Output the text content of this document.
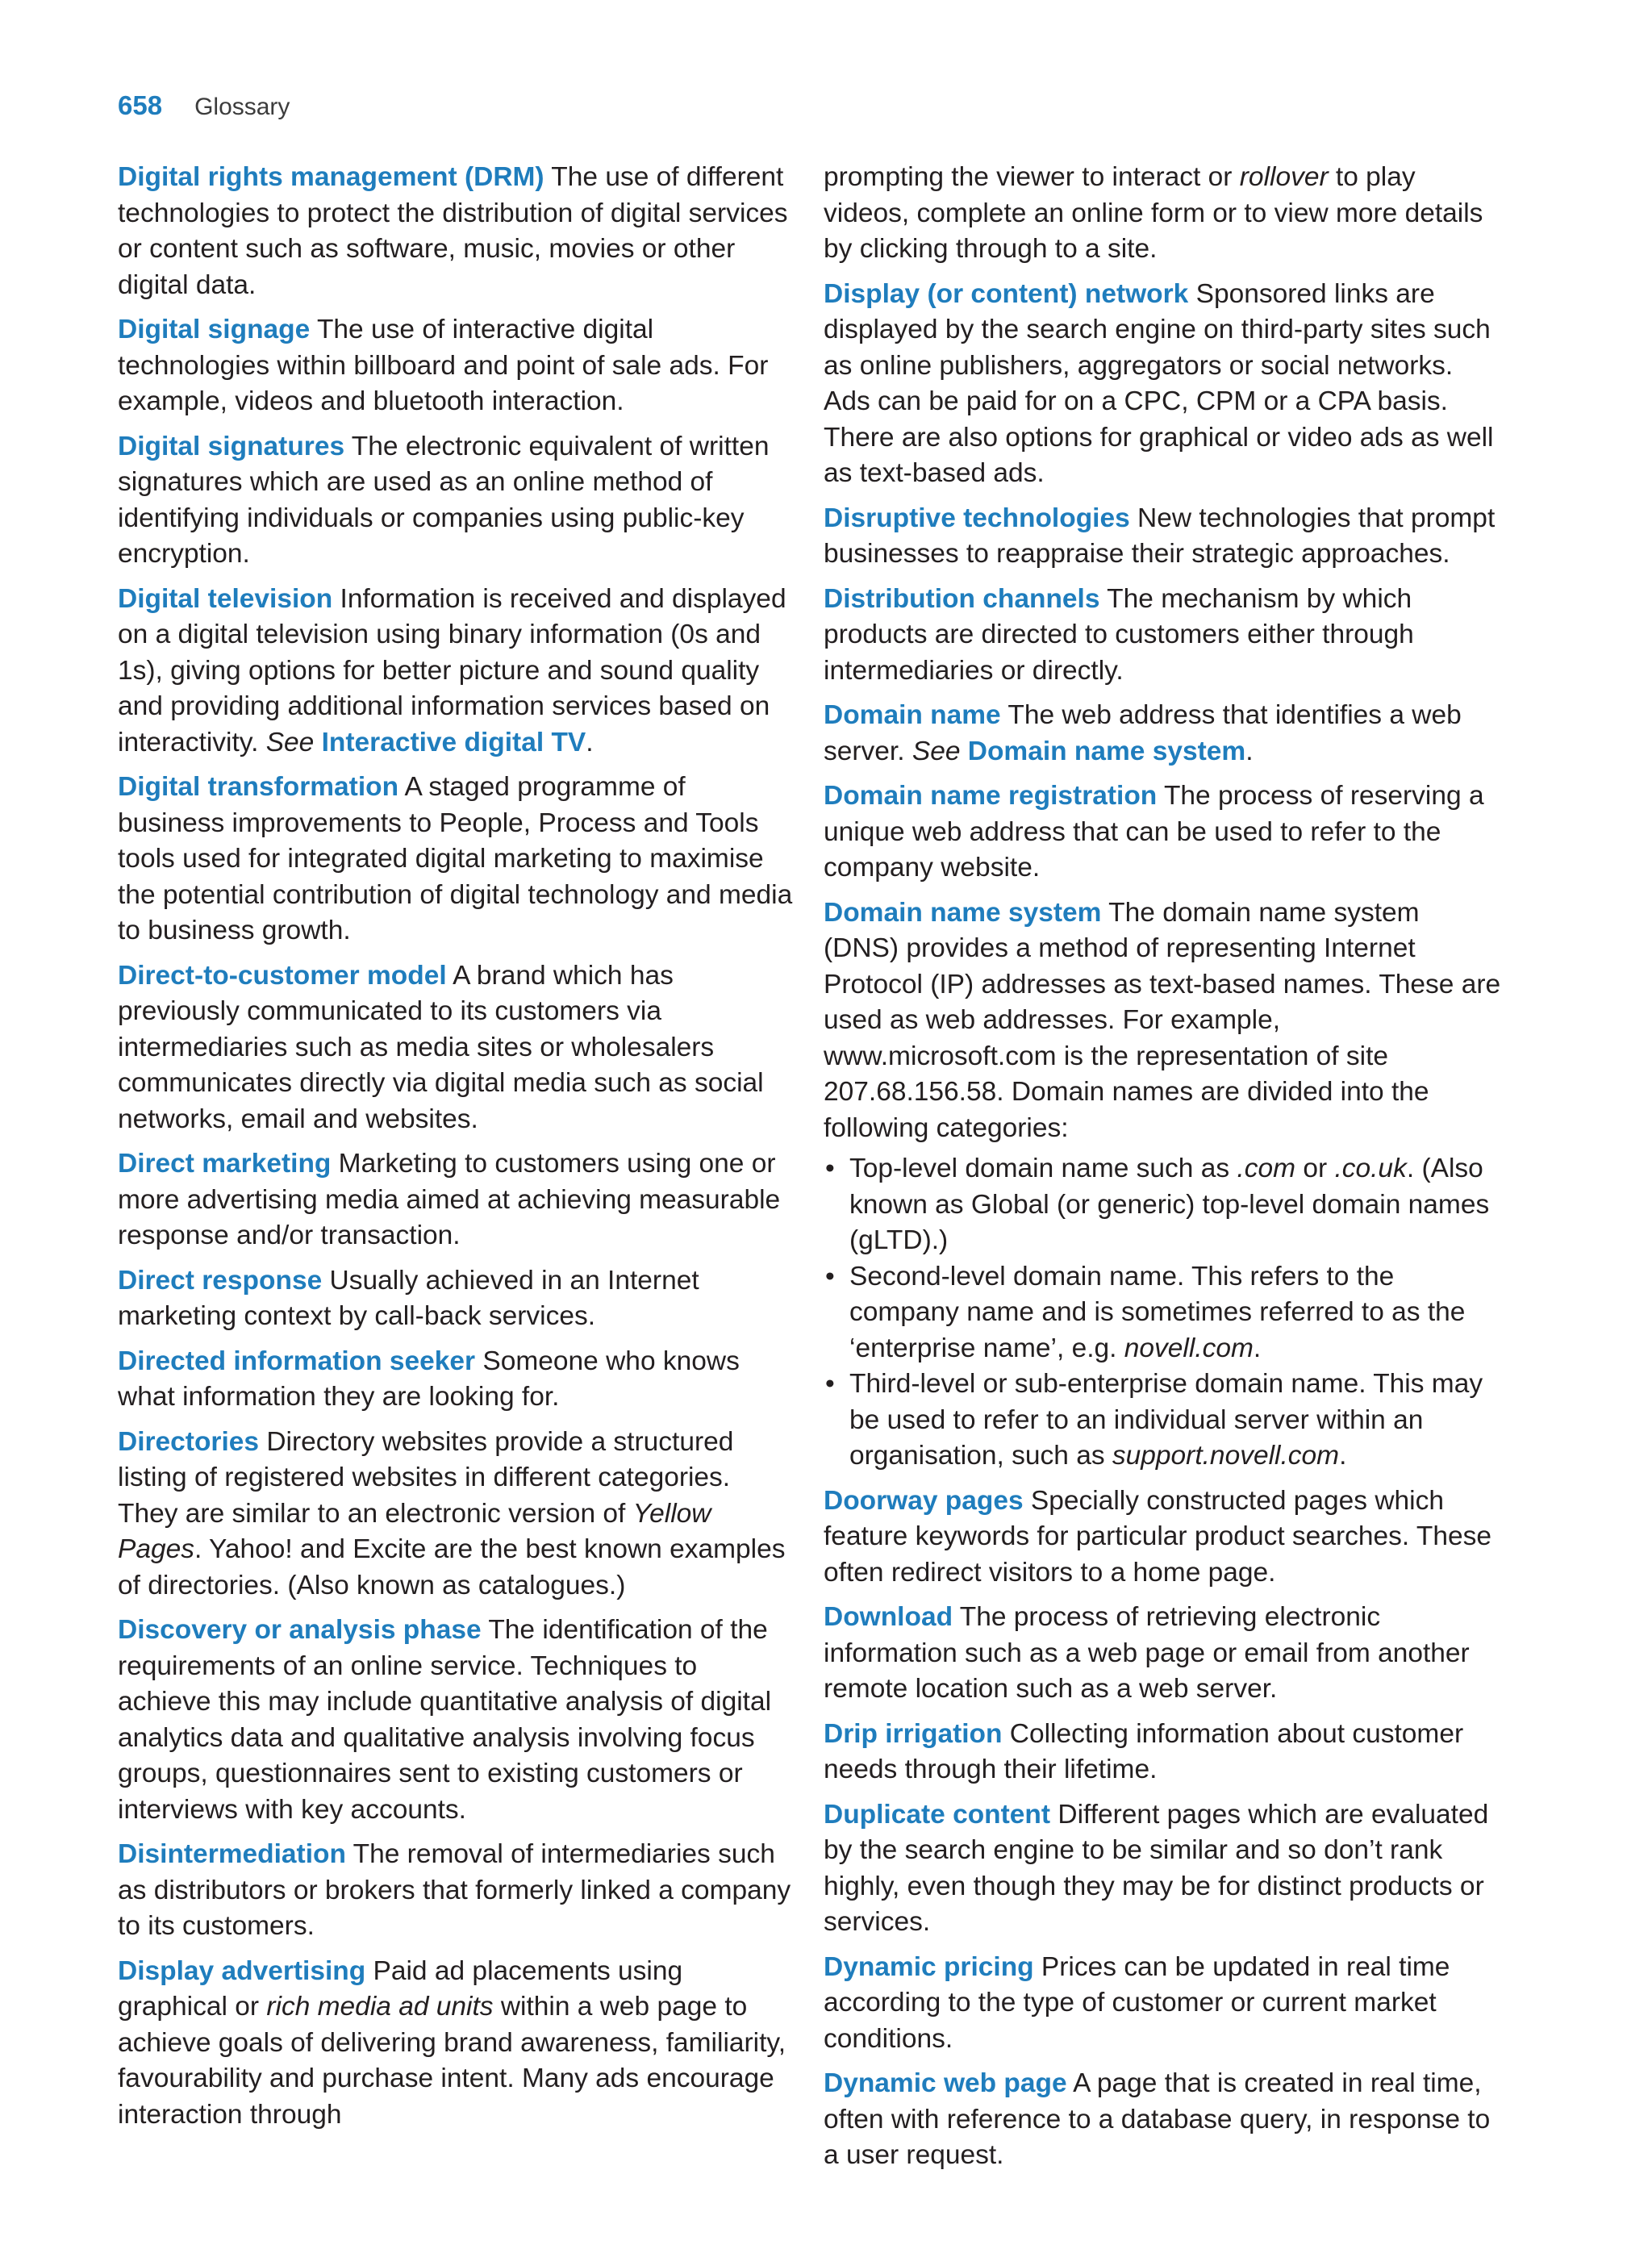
658 Glossary

Digital rights management (DRM) The use of different technologies to protect the distribution of digital services or content such as software, music, movies or other digital data.

Digital signage The use of interactive digital technologies within billboard and point of sale ads. For example, videos and bluetooth interaction.

Digital signatures The electronic equivalent of written signatures which are used as an online method of identifying individuals or companies using public-key encryption.

Digital television Information is received and displayed on a digital television using binary information (0s and 1s), giving options for better picture and sound quality and providing additional information services based on interactivity. See Interactive digital TV.

Digital transformation A staged programme of business improvements to People, Process and Tools tools used for integrated digital marketing to maximise the potential contribution of digital technology and media to business growth.

Direct-to-customer model A brand which has previously communicated to its customers via intermediaries such as media sites or wholesalers communicates directly via digital media such as social networks, email and websites.

Direct marketing Marketing to customers using one or more advertising media aimed at achieving measurable response and/or transaction.

Direct response Usually achieved in an Internet marketing context by call-back services.

Directed information seeker Someone who knows what information they are looking for.

Directories Directory websites provide a structured listing of registered websites in different categories. They are similar to an electronic version of Yellow Pages. Yahoo! and Excite are the best known examples of directories. (Also known as catalogues.)

Discovery or analysis phase The identification of the requirements of an online service. Techniques to achieve this may include quantitative analysis of digital analytics data and qualitative analysis involving focus groups, questionnaires sent to existing customers or interviews with key accounts.

Disintermediation The removal of intermediaries such as distributors or brokers that formerly linked a company to its customers.

Display advertising Paid ad placements using graphical or rich media ad units within a web page to achieve goals of delivering brand awareness, familiarity, favourability and purchase intent. Many ads encourage interaction through

prompting the viewer to interact or rollover to play videos, complete an online form or to view more details by clicking through to a site.

Display (or content) network Sponsored links are displayed by the search engine on third-party sites such as online publishers, aggregators or social networks. Ads can be paid for on a CPC, CPM or a CPA basis. There are also options for graphical or video ads as well as text-based ads.

Disruptive technologies New technologies that prompt businesses to reappraise their strategic approaches.

Distribution channels The mechanism by which products are directed to customers either through intermediaries or directly.

Domain name The web address that identifies a web server. See Domain name system.

Domain name registration The process of reserving a unique web address that can be used to refer to the company website.

Domain name system The domain name system (DNS) provides a method of representing Internet Protocol (IP) addresses as text-based names. These are used as web addresses. For example, www.microsoft.com is the representation of site 207.68.156.58. Domain names are divided into the following categories:

• Top-level domain name such as .com or .co.uk. (Also known as Global (or generic) top-level domain names (gLTD).)
• Second-level domain name. This refers to the company name and is sometimes referred to as the ‘enterprise name’, e.g. novell.com.
• Third-level or sub-enterprise domain name. This may be used to refer to an individual server within an organisation, such as support.novell.com.

Doorway pages Specially constructed pages which feature keywords for particular product searches. These often redirect visitors to a home page.

Download The process of retrieving electronic information such as a web page or email from another remote location such as a web server.

Drip irrigation Collecting information about customer needs through their lifetime.

Duplicate content Different pages which are evaluated by the search engine to be similar and so don’t rank highly, even though they may be for distinct products or services.

Dynamic pricing Prices can be updated in real time according to the type of customer or current market conditions.

Dynamic web page A page that is created in real time, often with reference to a database query, in response to a user request.
